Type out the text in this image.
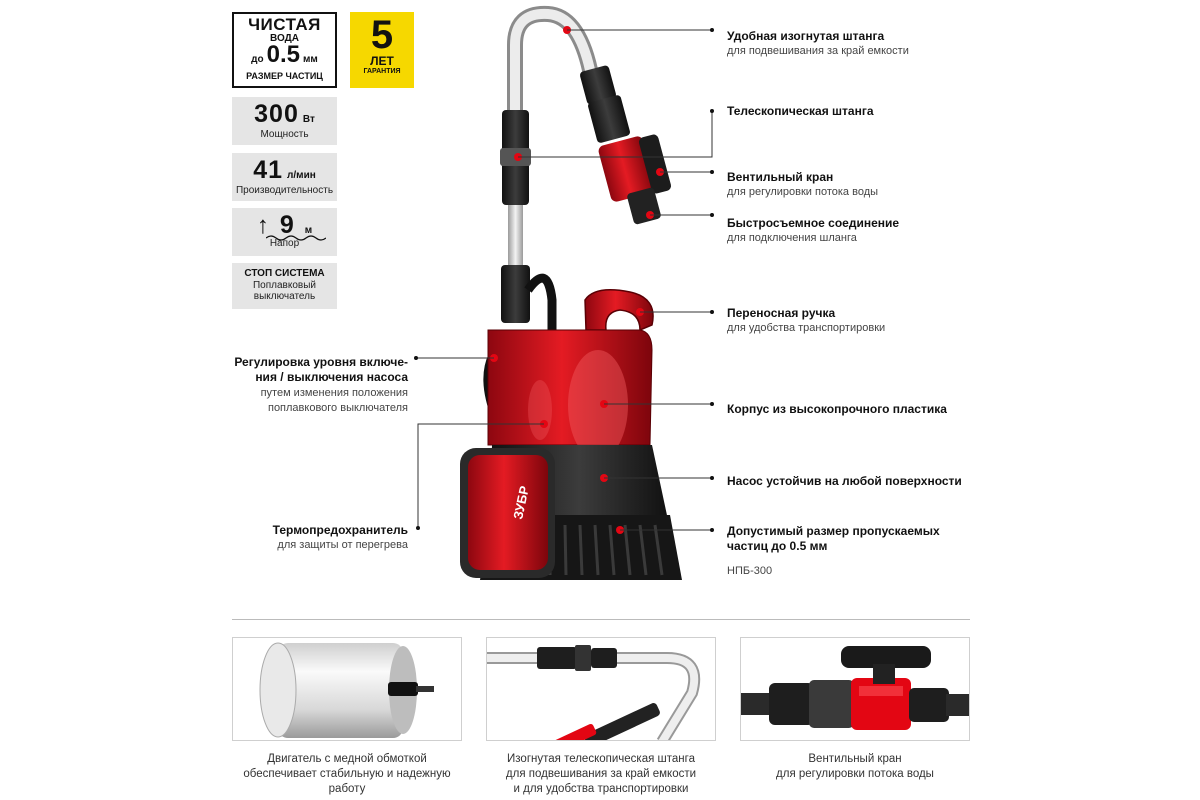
ЧИСТАЯ
ВОДА
до 0.5 мм
РАЗМЕР ЧАСТИЦ
5
ЛЕТ
ГАРАНТИЯ
300 Вт
Мощность
41 л/мин
Производительность
↑ 9 м
Напор
СТОП СИСТЕМА
Поплавковый
выключатель
ЗУБР
Удобная изогнутая штанга
для подвешивания за край емкости
Телескопическая штанга
Вентильный кран
для регулировки потока воды
Быстросъемное соединение
для подключения шланга
Переносная ручка
для удобства транспортировки
Корпус из высокопрочного пластика
Насос устойчив на любой поверхности
Допустимый размер пропускаемых
частиц до 0.5 мм
НПБ-300
Регулировка уровня включе-
ния / выключения насоса
путем изменения положения
поплавкового выключателя
Термопредохранитель
для защиты от перегрева
Двигатель с медной обмоткой
обеспечивает стабильную и надежную
работу
Изогнутая телескопическая штанга
для подвешивания за край емкости
и для удобства транспортировки
Вентильный кран
для регулировки потока воды
